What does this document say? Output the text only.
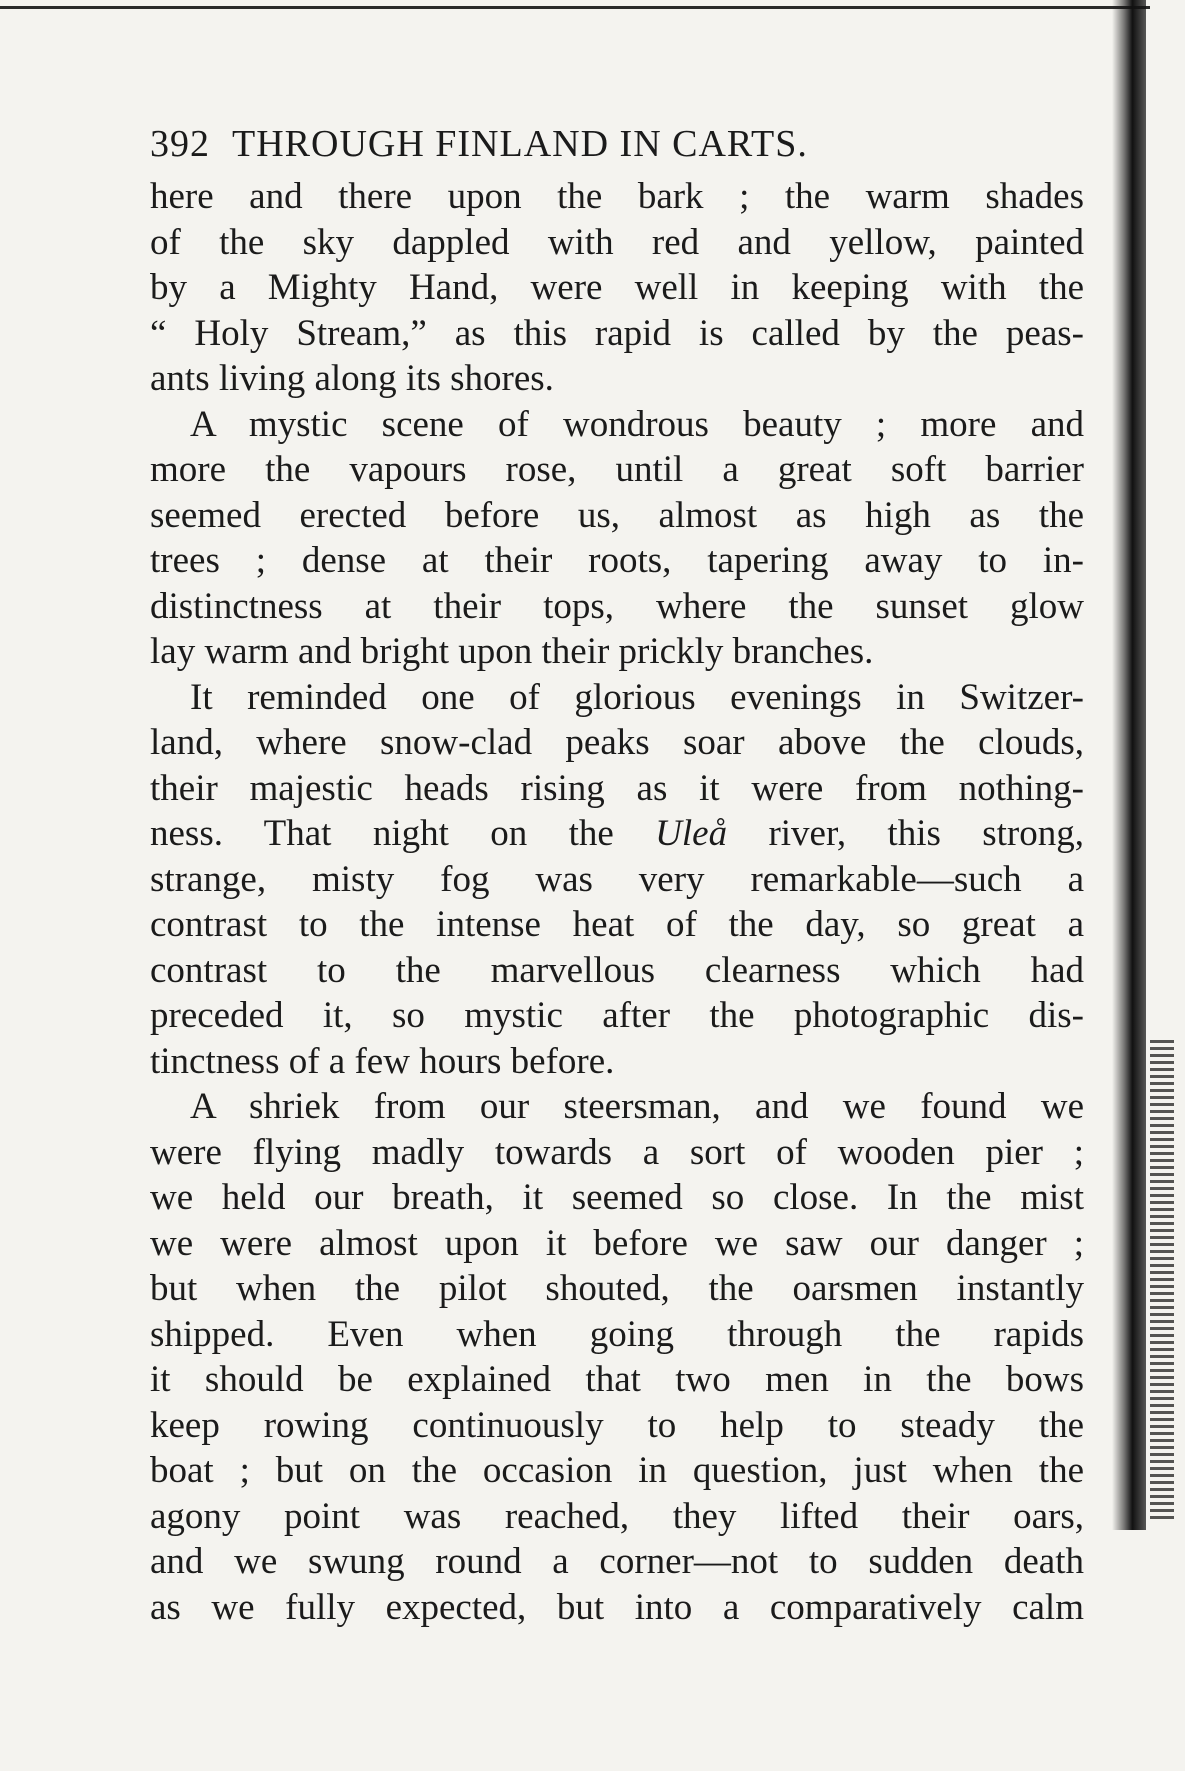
392 THROUGH FINLAND IN CARTS.

here and there upon the bark ; the warm shades
of the sky dappled with red and yellow, painted
by a Mighty Hand, were well in keeping with the
“ Holy Stream,” as this rapid is called by the peas-
ants living along its shores.

A mystic scene of wondrous beauty ; more and
more the vapours rose, until a great soft barrier
seemed erected before us, almost as high as the
trees ; dense at their roots, tapering away to in-
distinctness at their tops, where the sunset glow
lay warm and bright upon their prickly branches.

It reminded one of glorious evenings in Switzer-
land, where snow-clad peaks soar above the clouds,
their majestic heads rising as it were from nothing-
ness. That night on the Uleå river, this strong,
strange, misty fog was very remarkable—such a
contrast to the intense heat of the day, so great a
contrast to the marvellous clearness which had
preceded it, so mystic after the photographic dis-
tinctness of a few hours before.

A shriek from our steersman, and we found we
were flying madly towards a sort of wooden pier ;
we held our breath, it seemed so close. In the mist
we were almost upon it before we saw our danger ;
but when the pilot shouted, the oarsmen instantly
shipped. Even when going through the rapids
it should be explained that two men in the bows
keep rowing continuously to help to steady the
boat ; but on the occasion in question, just when the
agony point was reached, they lifted their oars,
and we swung round a corner—not to sudden death
as we fully expected, but into a comparatively calm
